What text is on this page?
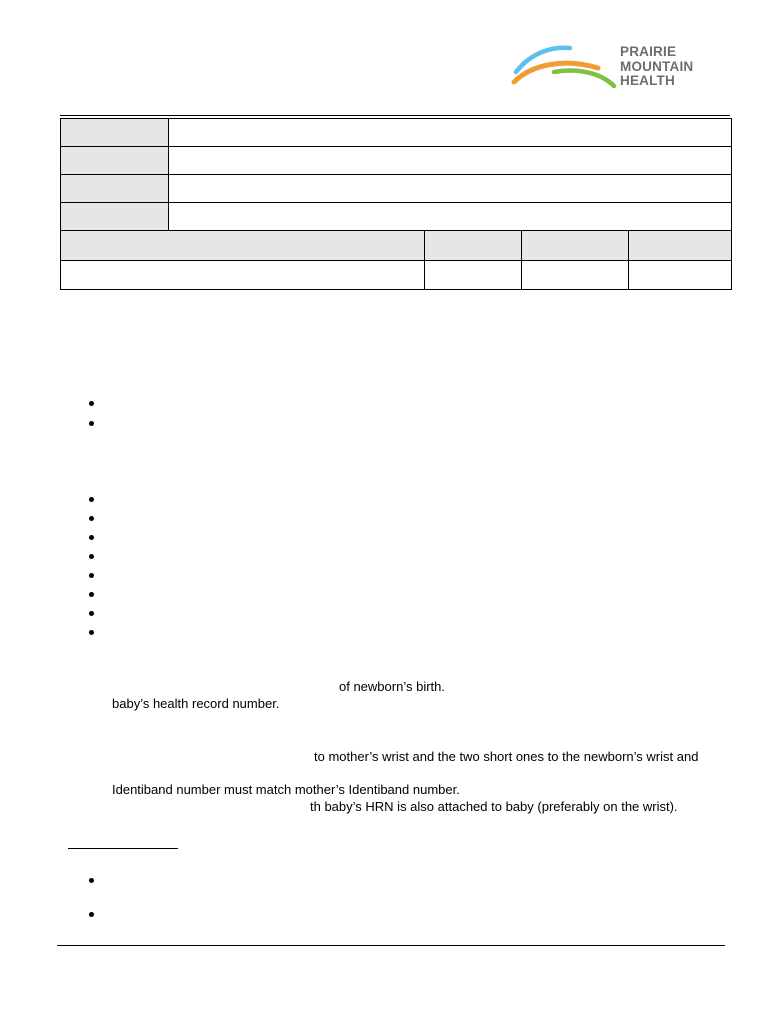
PRAIRIE
MOUNTAIN
HEALTH

of newborn’s birth.
baby’s health record number.
to mother’s wrist and the two short ones to the newborn’s wrist and
Identiband number must match mother’s Identiband number.
th baby’s HRN is also attached to baby (preferably on the wrist).
